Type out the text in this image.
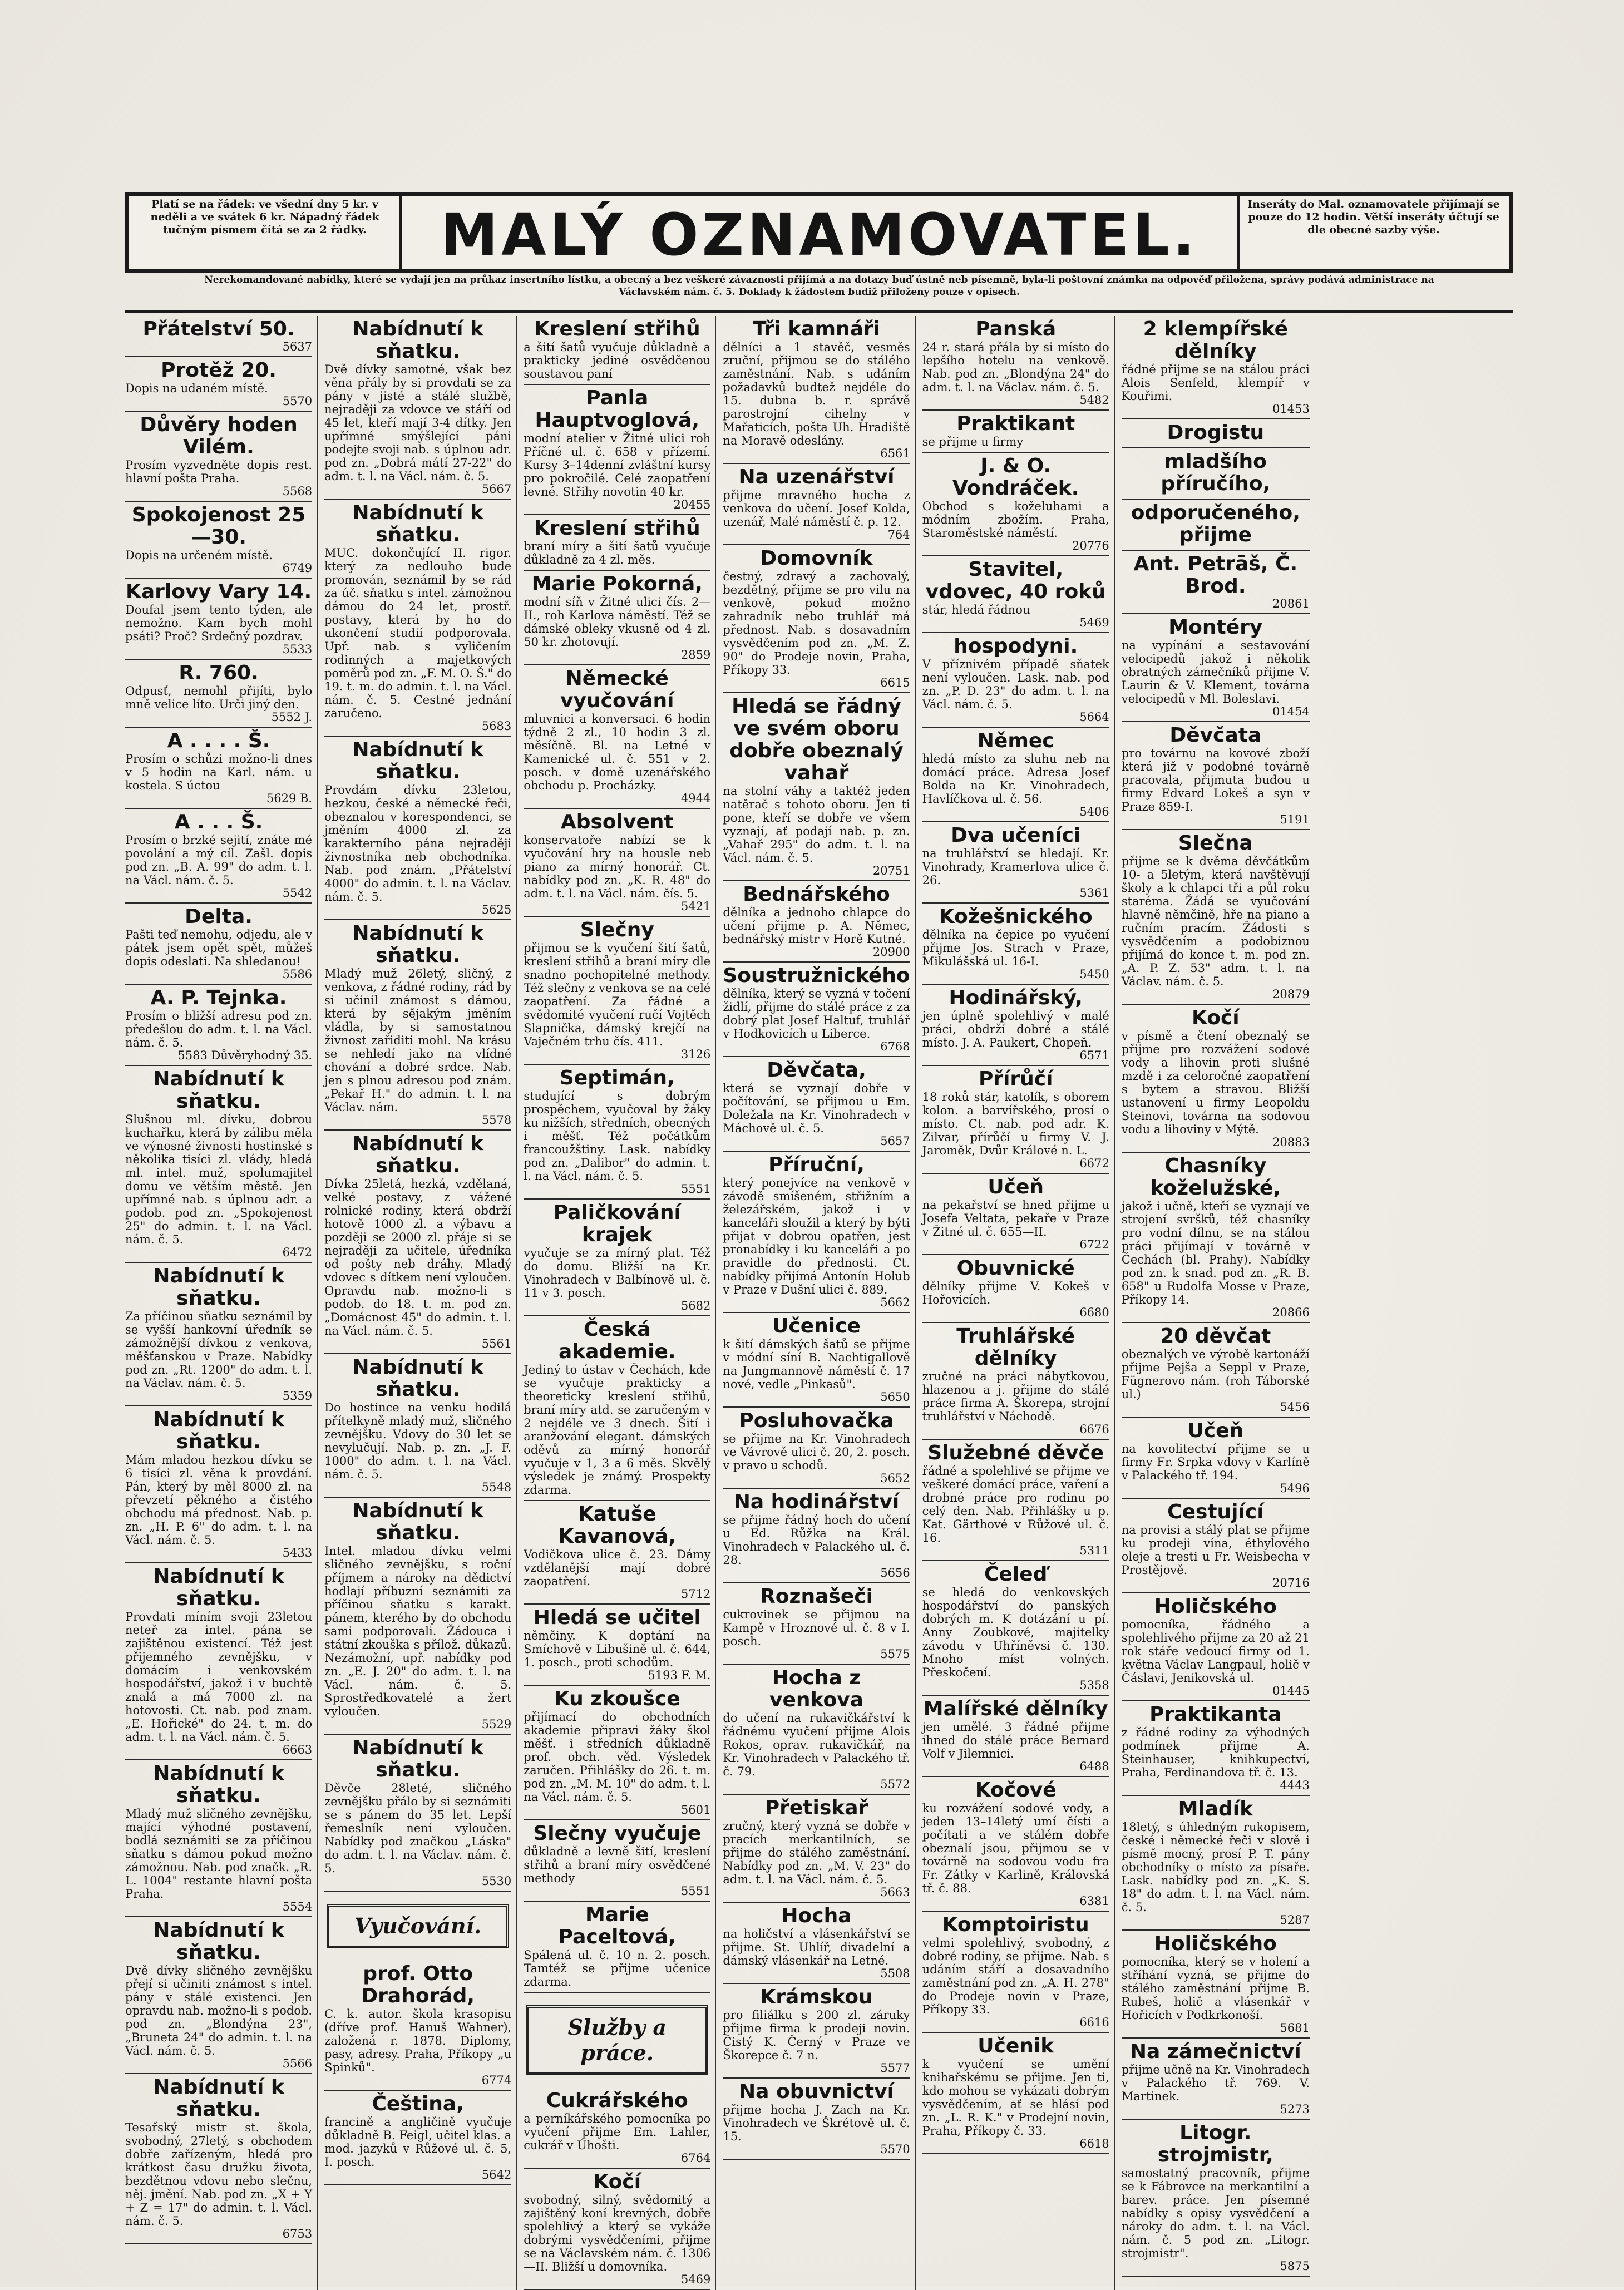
Platí se na řádek: ve všední dny 5 kr. v neděli a ve svátek 6 kr. Nápadný řádek tučným písmem čítá se za 2 řádky.	MALÝ OZNAMOVATEL.	Inseráty do Mal. oznamovatele přijímají se pouze do 12 hodin. Větší inseráty účtují se dle obecné sazby výše.
Nerekomandované nabídky, které se vydají jen na průkaz insertního lístku, a obecný a bez veškeré závaznosti přijímá a na dotazy buď ústně neb písemně, byla-li poštovní známka na odpověď přiložena, správy podává administrace na Václavském nám. č. 5. Doklady k žádostem budiž přiloženy pouze v opisech.
Přátelství 50.
5637
Protěž 20.

Dopis na udaném místě.

5570
Důvěry hoden Vilém.

Prosím vyzvedněte dopis rest. hlavní pošta Praha.

5568
Spokojenost 25—30.

Dopis na určeném místě.

6749
Karlovy Vary 14.

Doufal jsem tento týden, ale nemožno. Kam bych mohl psáti? Proč? Srdečný pozdrav.

5533
R. 760.

Odpusť, nemohl přijíti, bylo mně velice líto. Urči jiný den.

5552 J.
A . . . . Š.

Prosím o schůzi možno-li dnes v 5 hodin na Karl. nám. u kostela. S úctou

5629 B.
A . . . Š.

Prosím o brzké sejití, znáte mé povolání a mý cíl. Zašl. dopis pod zn. „B. A. 99" do adm. t. l. na Václ. nám. č. 5.

5542
Delta.

Pašti teď nemohu, odjedu, ale v pátek jsem opět spět, můžeš dopis odeslati. Na shledanou!

5586
A. P. Tejnka.

Prosím o bližší adresu pod zn. předešlou do adm. t. l. na Václ. nám. č. 5.

5583 Důvěryhodný 35.
Nabídnutí k sňatku.

Slušnou ml. dívku, dobrou kuchařku, která by zálibu měla ve výnosné živnosti hostinské s několika tisíci zl. vlády, hledá ml. intel. muž, spolumajitel domu ve větším městě. Jen upřímné nab. s úplnou adr. a podob. pod zn. „Spokojenost 25" do admin. t. l. na Václ. nám. č. 5.

6472
Nabídnutí k sňatku.

Za příčinou sňatku seznámil by se vyšší hankovní úředník se zámožnější dívkou z venkova, měšťanskou v Praze. Nabídky pod zn. „Rt. 1200" do adm. t. l. na Václav. nám. č. 5.

5359
Nabídnutí k sňatku.

Mám mladou hezkou dívku se 6 tisíci zl. věna k provdání. Pán, který by měl 8000 zl. na převzetí pěkného a čistého obchodu má přednost. Nab. p. zn. „H. P. 6" do adm. t. l. na Václ. nám. č. 5.

5433
Nabídnutí k sňatku.

Provdati míním svoji 23letou neteř za intel. pána se zajištěnou existencí. Též jest přijemného zevnějšku, v domácím i venkovském hospodářství, jakož i v buchtě znalá a má 7000 zl. na hotovosti. Ct. nab. pod znam. „E. Hořické" do 24. t. m. do adm. t. l. na Václ. nám. č. 5.

6663
Nabídnutí k sňatku.

Mladý muž sličného zevnějšku, mající výhodné postavení, bodlá seznámiti se za příčinou sňatku s dámou pokud možno zámožnou. Nab. pod značk. „R. L. 1004" restante hlavní pošta Praha.

5554
Nabídnutí k sňatku.

Dvě dívky sličného zevnějšku přejí si učiniti známost s intel. pány v stálé existenci. Jen opravdu nab. možno-li s podob. pod zn. „Blondýna 23", „Bruneta 24" do admin. t. l. na Václ. nám. č. 5.

5566
Nabídnutí k sňatku.

Tesařský mistr st. škola, svobodný, 27letý, s obchodem dobře zařízeným, hledá pro krátkost času družku života, bezdětnou vdovu nebo slečnu, něj. jmění. Nab. pod zn. „X + Y + Z = 17" do admin. t. l. Václ. nám. č. 5.

6753
Nabídnutí k sňatku.

Dvě dívky samotné, však bez věna přály by si provdati se za pány v jisté a stálé službě, nejraději za vdovce ve stáří od 45 let, kteří mají 3-4 dítky. Jen upřímné smýšlející páni podejte svoji nab. s úplnou adr. pod zn. „Dobrá mátí 27-22" do adm. t. l. na Václ. nám. č. 5.

5667
Nabídnutí k sňatku.

MUC. dokončující II. rigor. který za nedlouho bude promován, seznámil by se rád za úč. sňatku s intel. zámožnou dámou do 24 let, prostř. postavy, která by ho do ukončení studií podporovala. Upř. nab. s vyličením rodinných a majetkových poměrů pod zn. „F. M. O. Š." do 19. t. m. do admin. t. l. na Václ. nám. č. 5. Cestné jednání zaručeno.

5683
Nabídnutí k sňatku.

Provdám dívku 23letou, hezkou, české a německé řeči, obeznalou v korespondenci, se jměním 4000 zl. za karakterního pána nejraději živnostníka neb obchodníka. Nab. pod znám. „Přátelství 4000" do admin. t. l. na Václav. nám. č. 5.

5625
Nabídnutí k sňatku.

Mladý muž 26letý, sličný, z venkova, z řádné rodiny, rád by si učinil známost s dámou, která by sějakým jměním vládla, by si samostatnou živnost zařiditi mohl. Na krásu se nehledí jako na vlídné chování a dobré srdce. Nab. jen s plnou adresou pod znám. „Pekař H." do admin. t. l. na Václav. nám.

5578
Nabídnutí k sňatku.

Dívka 25letá, hezká, vzdělaná, velké postavy, z vážené rolnické rodiny, která obdrží hotově 1000 zl. a výbavu a později se 2000 zl. přáje si se nejraději za učitele, úředníka od pošty neb dráhy. Mladý vdovec s dítkem není vyloučen. Opravdu nab. možno-li s podob. do 18. t. m. pod zn. „Domácnost 45" do admin. t. l. na Václ. nám. č. 5.

5561
Nabídnutí k sňatku.

Do hostince na venku hodilá přítelkyně mladý muž, sličného zevnějšku. Vdovy do 30 let se nevylučují. Nab. p. zn. „J. F. 1000" do adm. t. l. na Václ. nám. č. 5.

5548
Nabídnutí k sňatku.

Intel. mladou dívku velmi sličného zevnějšku, s roční příjmem a nároky na dědictví hodlají příbuzní seznámiti za příčinou sňatku s karakt. pánem, kterého by do obchodu sami podporovali. Žádouca i státní zkouška s přílož. důkazů. Nezámožní, upř. nabídky pod zn. „E. J. 20" do adm. t. l. na Václ. nám. č. 5. Sprostředkovatelé a žert vyloučen.

5529
Nabídnutí k sňatku.

Děvče 28leté, sličného zevnějšku přálo by si seznámiti se s pánem do 35 let. Lepší řemeslník není vyloučen. Nabídky pod značkou „Láska" do adm. t. l. na Václav. nám. č. 5.

5530
Vyučování.
prof. Otto Drahorád,

C. k. autor. škola krasopisu (dříve prof. Hanuš Wahner), založená r. 1878. Diplomy, pasy, adresy. Praha, Příkopy „u Spinků".

6774
Čeština,

francině a angličině vyučuje důkladně B. Feigl, učitel klas. a mod. jazyků v Růžové ul. č. 5, I. posch.

5642
Kreslení střihů

a šití šatů vyučuje důkladně a prakticky jediné osvědčenou soustavou paní

Panla Hauptvoglová,

modní atelier v Žitné ulici roh Příčné ul. č. 658 v přízemí. Kursy 3–14denní zvláštní kursy pro pokročilé. Celé zaopatření levné. Střihy novotin 40 kr.

20455
Kreslení střihů

braní míry a šití šatů vyučuje důkladně za 4 zl. měs.

Marie Pokorná,

modní síň v Žitné ulici čís. 2—II., roh Karlova náměstí. Též se dámské obleky vkusně od 4 zl. 50 kr. zhotovují.

2859
Německé vyučování

mluvnici a konversaci. 6 hodin týdně 2 zl., 10 hodin 3 zl. měsíčně. Bl. na Letné v Kamenické ul. č. 551 v 2. posch. v domě uzenářského obchodu p. Procházky.

4944
Absolvent

konservatoře nabízí se k vyučování hry na housle neb piano za mírný honorář. Ct. nabídky pod zn. „K. R. 48" do adm. t. l. na Václ. nám. čís. 5.

5421
Slečny

přijmou se k vyučení šití šatů, kreslení střihů a braní míry dle snadno pochopitelné methody. Též slečny z venkova se na celé zaopatření. Za řádné a svědomité vyučení ručí Vojtěch Slapnička, dámský krejčí na Vaječném trhu čís. 411.

3126
Septimán,

studující s dobrým prospěchem, vyučoval by žáky ku nižších, středních, obecných i měšť. Též počátkům francoužštiny. Lask. nabídky pod zn. „Dalibor" do admin. t. l. na Václ. nám. č. 5.

5551
Paličkování krajek

vyučuje se za mírný plat. Též do domu. Bližší na Kr. Vinohradech v Balbínově ul. č. 11 v 3. posch.

5682
Česká akademie.

Jediný to ústav v Čechách, kde se vyučuje prakticky a theoreticky kreslení střihů, braní míry atd. se zaručeným v 2 nejdéle ve 3 dnech. Šití i aranžování elegant. dámských oděvů za mírný honorář vyučuje v 1, 3 a 6 měs. Skvělý výsledek je známý. Prospekty zdarma.

Katuše Kavanová,

Vodičkova ulice č. 23. Dámy vzdělanější mají dobré zaopatření.

5712
Hledá se učitel

němčiny. K doptání na Smíchově v Libušině ul. č. 644, 1. posch., proti schodům.

5193 F. M.
Ku zkoušce

přijímací do obchodních akademie připravi žáky škol měšť. i středních důkladně prof. obch. věd. Výsledek zaručen. Přihlášky do 26. t. m. pod zn. „M. M. 10" do adm. t. l. na Václ. nám. č. 5.

5601
Slečny vyučuje

důkladně a levně šití, kreslení střihů a braní míry osvědčené methody

5551
Marie Paceltová,

Spálená ul. č. 10 n. 2. posch. Tamtéž se přijme učenice zdarma.

Služby a práce.
Cukrářského

a perníkářského pomocníka po vyučení přijme Em. Lahler, cukrář v Úhošti.

6764
Kočí

svobodný, silný, svědomitý a zajištěný koní krevných, dobře spolehlivý a který se vykáže dobrými vysvědčeními, přijme se na Václavském nám. č. 1306—II. Bližší u domovníka.

5469
Tři kamnáři

dělníci a 1 stavěč, vesměs zruční, přijmou se do stálého zaměstnání. Nab. s udáním požadavků budtež nejdéle do 15. dubna b. r. správě parostrojní cihelny v Mařaticích, pošta Uh. Hradiště na Moravě odeslány.

6561
Na uzenářství

přijme mravného hocha z venkova do učení. Josef Kolda, uzenář, Malé náměstí č. p. 12.

764
Domovník

čestný, zdravý a zachovalý, bezdětný, přijme se pro vilu na venkově, pokud možno zahradník nebo truhlář má přednost. Nab. s dosavadním vysvědčením pod zn. „M. Z. 90" do Prodeje novin, Praha, Příkopy 33.

6615
Hledá se řádný ve svém oboru dobře obeznalý vahař

na stolní váhy a taktéž jeden natěrač s tohoto oboru. Jen ti pone, kteří se dobře ve všem vyznají, ať podají nab. p. zn. „Vahař 295" do adm. t. l. na Václ. nám. č. 5.

20751
Bednářského

dělníka a jednoho chlapce do učení přijme p. A. Němec, bednářský mistr v Horě Kutné.

20900
Soustružnického

dělníka, který se vyzná v točení židlí, přijme do stálé práce z za dobrý plat Josef Haltuf, truhlář v Hodkovicích u Liberce.

6768
Děvčata,

která se vyznají dobře v počítování, se přijmou u Em. Doležala na Kr. Vinohradech v Máchově ul. č. 5.

5657
Příruční,

který ponejvíce na venkově v závodě smíšeném, střižním a železářském, jakož i v kanceláři sloužil a který by býti přijat v dobrou opatřen, jest pronabídky i ku kanceláři a po pravidle do přednosti. Ct. nabídky přijímá Antonín Holub v Praze v Dušní ulici č. 889.

5662
Učenice

k šití dámských šatů se přijme v módní síní B. Nachtigallově na Jungmannově náměstí č. 17 nové, vedle „Pinkasů".

5650
Posluhovačka

se přijme na Kr. Vinohradech ve Vávrově ulici č. 20, 2. posch. v pravo u schodů.

5652
Na hodinářství

se přijme řádný hoch do učení u Ed. Růžka na Král. Vinohradech v Palackého ul. č. 28.

5656
Roznašeči

cukrovinek se přijmou na Kampě v Hroznové ul. č. 8 v I. posch.

5575
Hocha z venkova

do učení na rukavičkářství k řádnému vyučení přijme Alois Rokos, oprav. rukavičkář, na Kr. Vinohradech v Palackého tř. č. 79.

5572
Přetiskař

zručný, který vyzná se dobře v pracích merkantilních, se přijme do stálého zaměstnání. Nabídky pod zn. „M. V. 23" do adm. t. l. na Václ. nám. č. 5.

5663
Hocha

na holičství a vlásenkářství se přijme. St. Uhlíř, divadelní a dámský vlásenkář na Letné.

5508
Krámskou

pro filiálku s 200 zl. záruky přijme firma k prodeji novin. Čistý K. Černý v Praze ve Škorepce č. 7 n.

5577
Na obuvnictví

přijme hocha J. Zach na Kr. Vinohradech ve Škrétově ul. č. 15.

5570
Panská

24 r. stará přála by si místo do lepšího hotelu na venkově. Nab. pod zn. „Blondýna 24" do adm. t. l. na Václav. nám. č. 5.

5482
Praktikant

se přijme u firmy

J. & O. Vondráček.

Obchod s koželuhami a módním zbožím. Praha, Staroměstské náměstí.

20776
Stavitel, vdovec, 40 roků

stár, hledá řádnou

5469
hospodyni.

V příznivém případě sňatek není vyloučen. Lask. nab. pod zn. „P. D. 23" do adm. t. l. na Václ. nám. č. 5.

5664
Němec

hledá místo za sluhu neb na domácí práce. Adresa Josef Bolda na Kr. Vinohradech, Havlíčkova ul. č. 56.

5406
Dva učeníci

na truhlářství se hledají. Kr. Vinohrady, Kramerlova ulice č. 26.

5361
Kožešnického

dělníka na čepice po vyučení přijme Jos. Strach v Praze, Mikulášská ul. 16-I.

5450
Hodinářský,

jen úplně spolehlivý v malé práci, obdrží dobré a stálé místo. J. A. Paukert, Chopeň.

6571
Přírůčí

18 roků stár, katolík, s oborem kolon. a barvířského, prosí o místo. Ct. nab. pod adr. K. Zilvar, přírůčí u firmy V. J. Jaroměk, Dvůr Králové n. L.

6672
Učeň

na pekařství se hned přijme u Josefa Veltata, pekaře v Praze v Žitné ul. č. 655—II.

6722
Obuvnické

dělníky přijme V. Kokeš v Hořovicích.

6680
Truhlářské dělníky

zručné na práci nábytkovou, hlazenou a j. přijme do stálé práce firma A. Škorepa, strojní truhlářství v Náchodě.

6676
Služebné děvče

řádné a spolehlivé se přijme ve veškeré domácí práce, vaření a drobné práce pro rodinu po celý den. Nab. Přihlášky u p. Kat. Gärthové v Růžové ul. č. 16.

5311
Čeleď

se hledá do venkovských hospodářství do panských dobrých m. K dotázání u pí. Anny Zoubkové, majitelky závodu v Uhříněvsi č. 130. Mnoho míst volných. Přeskočení.

5358
Malířské dělníky

jen umělé. 3 řádné přijme ihned do stálé práce Bernard Volf v Jilemnici.

6488
Kočové

ku rozvážení sodové vody, a jeden 13–14letý umí čísti a počítati a ve stálém dobře obeznalí jsou, přijmou se v továrně na sodovou vodu fra Fr. Zátky v Karlině, Královská tř. č. 88.

6381
Komptoiristu

velmi spolehlivý, svobodný, z dobré rodiny, se přijme. Nab. s udáním stáří a dosavadního zaměstnání pod zn. „A. H. 278" do Prodeje novin v Praze, Příkopy 33.

6616
Učenik

k vyučení se umění knihařskému se přijme. Jen ti, kdo mohou se vykázati dobrým vysvědčením, ať se hlásí pod zn. „L. R. K." v Prodejní novin, Praha, Příkopy č. 33.

6618
2 klempířské dělníky

řádné přijme se na stálou práci Alois Senfeld, klempíř v Kouřimi.

01453
Drogistu
mladšího příručího,
odporučeného, přijme
Ant. Petrāš, Č. Brod.
20861
Montéry

na vypínání a sestavování velocipedů jakož i několik obratných zámečníků přijme V. Laurin & V. Klement, továrna velocipedů v Ml. Boleslavi.

01454
Děvčata

pro továrnu na kovové zboží která již v podobné továrně pracovala, přijmuta budou u firmy Edvard Lokeš a syn v Praze 859-I.

5191
Slečna

přijme se k dvěma děvčátkům 10- a 5letým, která navštěvují školy a k chlapci tři a půl roku staréma. Žádá se vyučování hlavně němčině, hře na piano a ručním pracím. Žádosti s vysvědčením a podobiznou přijímá do konce t. m. pod zn. „A. P. Z. 53" adm. t. l. na Václav. nám. č. 5.

20879
Kočí

v písmě a čtení obeznalý se přijme pro rozvážení sodové vody a lihovin proti slušné mzdě i za celoročné zaopatření s bytem a stravou. Bližší ustanovení u firmy Leopoldu Steinovi, továrna na sodovou vodu a lihoviny v Mýtě.

20883
Chasníky koželužské,

jakož i učně, kteří se vyznají ve strojení svršků, též chasníky pro vodní dílnu, se na stálou práci přijímají v továrně v Čechách (bl. Prahy). Nabídky pod zn. k snad. pod zn. „R. B. 658" u Rudolfa Mosse v Praze, Příkopy 14.

20866
20 děvčat

obeznalých ve výrobě kartonáží přijme Pejša a Seppl v Praze, Fügnerovo nám. (roh Táborské ul.)

5456
Učeň

na kovolitectví přijme se u firmy Fr. Srpka vdovy v Karlíně v Palackého tř. 194.

5496
Cestující

na provisi a stálý plat se přijme ku prodeji vína, éthylového oleje a tresti u Fr. Weisbecha v Prostějově.

20716
Holičského

pomocníka, řádného a spolehlivého přijme za 20 až 21 rok stáře vedoucí firmy od 1. května Václav Langpaul, holič v Čáslavi, Jenikovská ul.

01445
Praktikanta

z řádné rodiny za výhodných podmínek přijme A. Steinhauser, knihkupectví, Praha, Ferdinandova tř. č. 13.

4443
Mladík

18letý, s úhledným rukopisem, české i německé řeči v slově i písmě mocný, prosí P. T. pány obchodníky o místo za písaře. Lask. nabídky pod zn. „K. S. 18" do adm. t. l. na Václ. nám. č. 5.

5287
Holičského

pomocníka, který se v holení a stříhání vyzná, se přijme do stálého zaměstnání přijme B. Rubeš, holič a vlásenkář v Hořicích v Podkrkonoší.

5681
Na zámečnictví

přijme učně na Kr. Vinohradech v Palackého tř. 769. V. Martinek.

5273
Litogr. strojmistr,

samostatný pracovník, přijme se k Fábrovce na merkantilní a barev. práce. Jen písemné nabídky s opisy vysvědčení a nároky do adm. t. l. na Václ. nám. č. 5 pod zn. „Litogr. strojmistr".

5875
